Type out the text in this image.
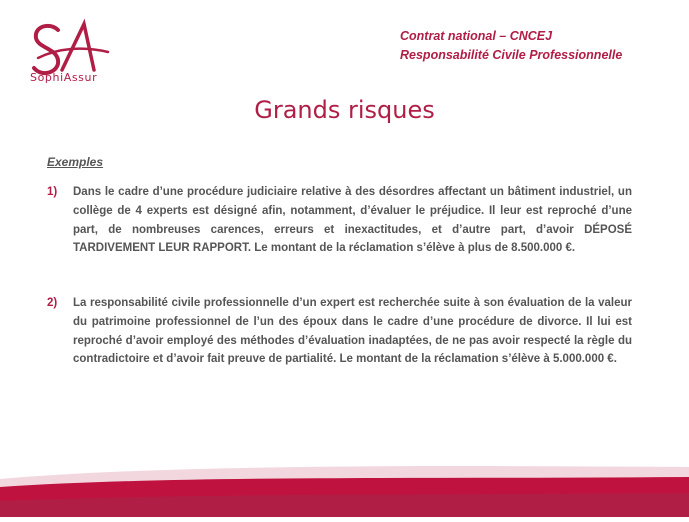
SophiAssur
Contrat national – CNCEJ
Responsabilité Civile Professionnelle
Grands risques
Exemples
1) Dans le cadre d’une procédure judiciaire relative à des désordres affectant un bâtiment industriel, un collège de 4 experts est désigné afin, notamment, d’évaluer le préjudice. Il leur est reproché d’une part, de nombreuses carences, erreurs et inexactitudes, et d’autre part, d’avoir DÉPOSÉ TARDIVEMENT LEUR RAPPORT. Le montant de la réclamation s’élève à plus de 8.500.000 €.
2) La responsabilité civile professionnelle d’un expert est recherchée suite à son évaluation de la valeur du patrimoine professionnel de l’un des époux dans le cadre d’une procédure de divorce. Il lui est reproché d’avoir employé des méthodes d’évaluation inadaptées, de ne pas avoir respecté la règle du contradictoire et d’avoir fait preuve de partialité. Le montant de la réclamation s’élève à 5.000.000 €.
